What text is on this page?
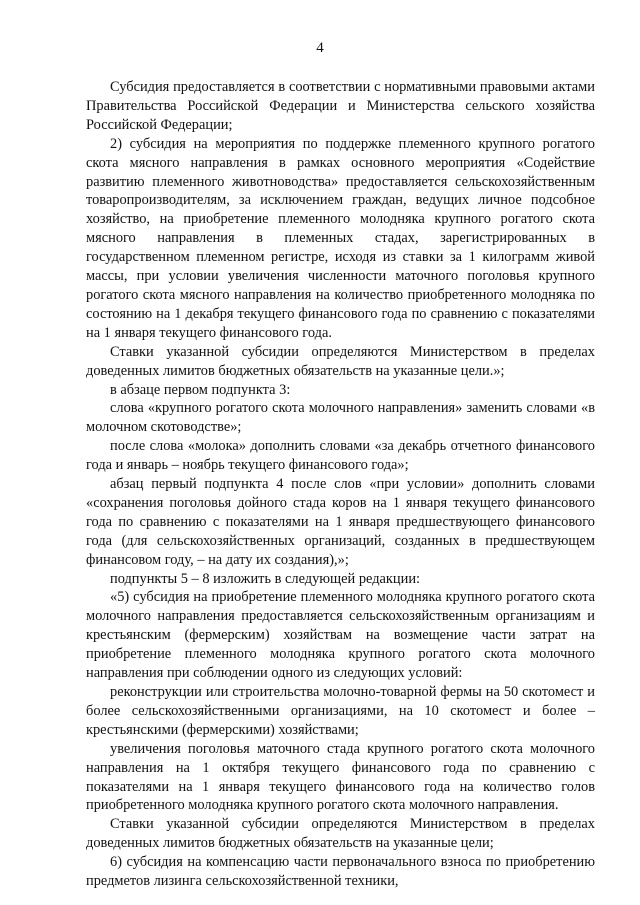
4

Субсидия предоставляется в соответствии с нормативными правовыми актами Правительства Российской Федерации и Министерства сельского хозяйства Российской Федерации;

2) субсидия на мероприятия по поддержке племенного крупного рогатого скота мясного направления в рамках основного мероприятия «Содействие развитию племенного животноводства» предоставляется сельскохозяйственным товаропроизводителям, за исключением граждан, ведущих личное подсобное хозяйство, на приобретение племенного молодняка крупного рогатого скота мясного направления в племенных стадах, зарегистрированных в государственном племенном регистре, исходя из ставки за 1 килограмм живой массы, при условии увеличения численности маточного поголовья крупного рогатого скота мясного направления на количество приобретенного молодняка по состоянию на 1 декабря текущего финансового года по сравнению с показателями на 1 января текущего финансового года.

Ставки указанной субсидии определяются Министерством в пределах доведенных лимитов бюджетных обязательств на указанные цели.»;

в абзаце первом подпункта 3:

слова «крупного рогатого скота молочного направления» заменить словами «в молочном скотоводстве»;

после слова «молока» дополнить словами «за декабрь отчетного финансового года и январь – ноябрь текущего финансового года»;

абзац первый подпункта 4 после слов «при условии» дополнить словами «сохранения поголовья дойного стада коров на 1 января текущего финансового года по сравнению с показателями на 1 января предшествующего финансового года (для сельскохозяйственных организаций, созданных в предшествующем финансовом году, – на дату их создания),»;

подпункты 5 – 8 изложить в следующей редакции:

«5) субсидия на приобретение племенного молодняка крупного рогатого скота молочного направления предоставляется сельскохозяйственным организациям и крестьянским (фермерским) хозяйствам на возмещение части затрат на приобретение племенного молодняка крупного рогатого скота молочного направления при соблюдении одного из следующих условий:

реконструкции или строительства молочно-товарной фермы на 50 скотомест и более сельскохозяйственными организациями, на 10 скотомест и более – крестьянскими (фермерскими) хозяйствами;

увеличения поголовья маточного стада крупного рогатого скота молочного направления на 1 октября текущего финансового года по сравнению с показателями на 1 января текущего финансового года на количество голов приобретенного молодняка крупного рогатого скота молочного направления.

Ставки указанной субсидии определяются Министерством в пределах доведенных лимитов бюджетных обязательств на указанные цели;

6) субсидия на компенсацию части первоначального взноса по приобретению предметов лизинга сельскохозяйственной техники,
